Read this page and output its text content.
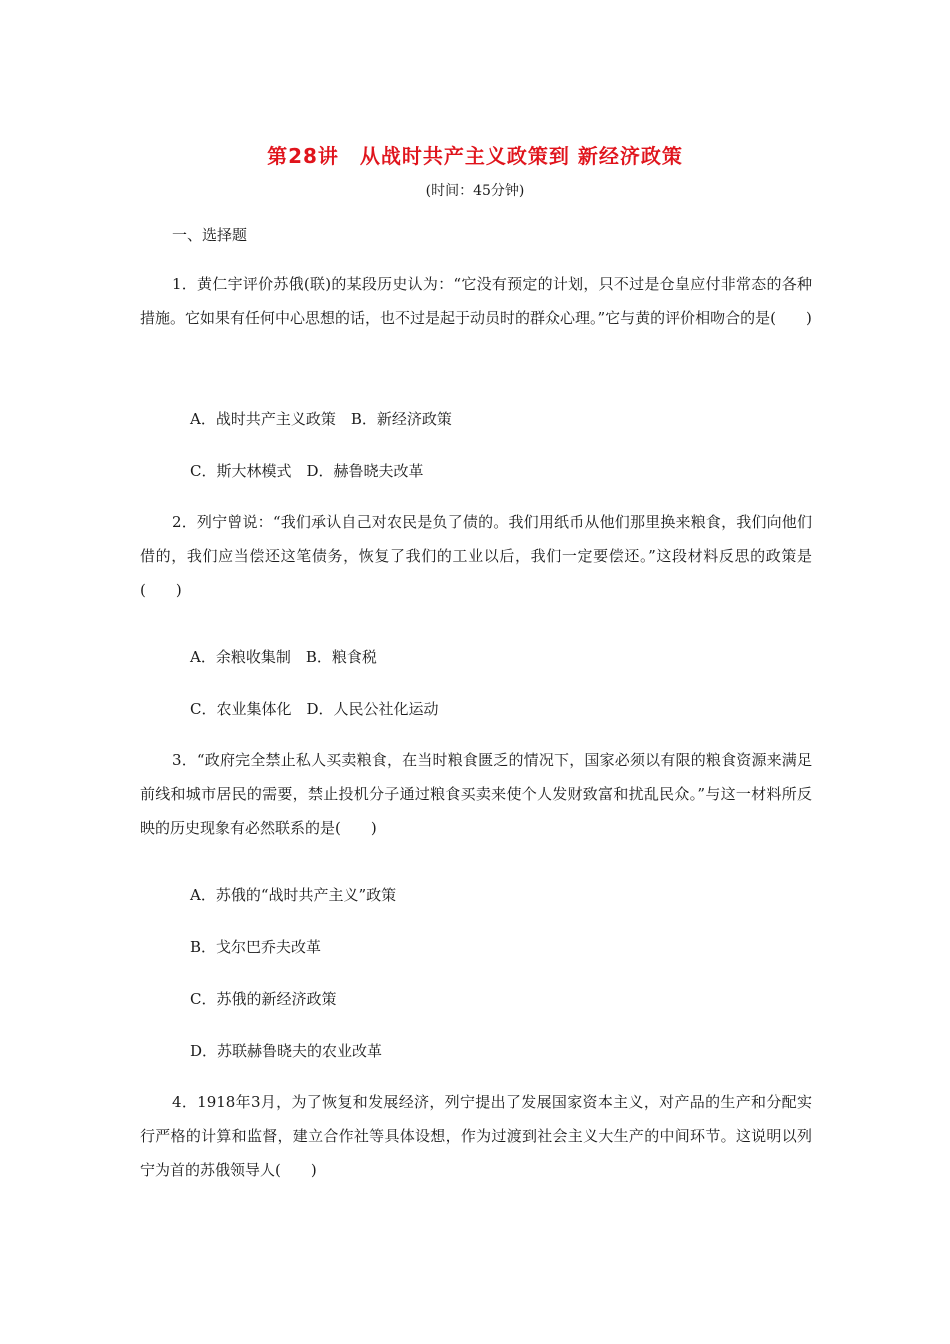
第28讲　从战时共产主义政策到 新经济政策
(时间：45分钟)
一、选择题
1．黄仁宇评价苏俄(联)的某段历史认为：“它没有预定的计划，只不过是仓皇应付非常态的各种措施。它如果有任何中心思想的话，也不过是起于动员时的群众心理。”它与黄的评价相吻合的是(　　)
A．战时共产主义政策　B．新经济政策
C．斯大林模式　D．赫鲁晓夫改革
2．列宁曾说：“我们承认自己对农民是负了债的。我们用纸币从他们那里换来粮食，我们向他们借的，我们应当偿还这笔债务，恢复了我们的工业以后，我们一定要偿还。”这段材料反思的政策是(　　)
A．余粮收集制　B．粮食税
C．农业集体化　D．人民公社化运动
3．“政府完全禁止私人买卖粮食，在当时粮食匮乏的情况下，国家必须以有限的粮食资源来满足前线和城市居民的需要，禁止投机分子通过粮食买卖来使个人发财致富和扰乱民众。”与这一材料所反映的历史现象有必然联系的是(　　)
A．苏俄的“战时共产主义”政策
B．戈尔巴乔夫改革
C．苏俄的新经济政策
D．苏联赫鲁晓夫的农业改革
4．1918年3月，为了恢复和发展经济，列宁提出了发展国家资本主义，对产品的生产和分配实行严格的计算和监督，建立合作社等具体设想，作为过渡到社会主义大生产的中间环节。这说明以列宁为首的苏俄领导人(　　)
